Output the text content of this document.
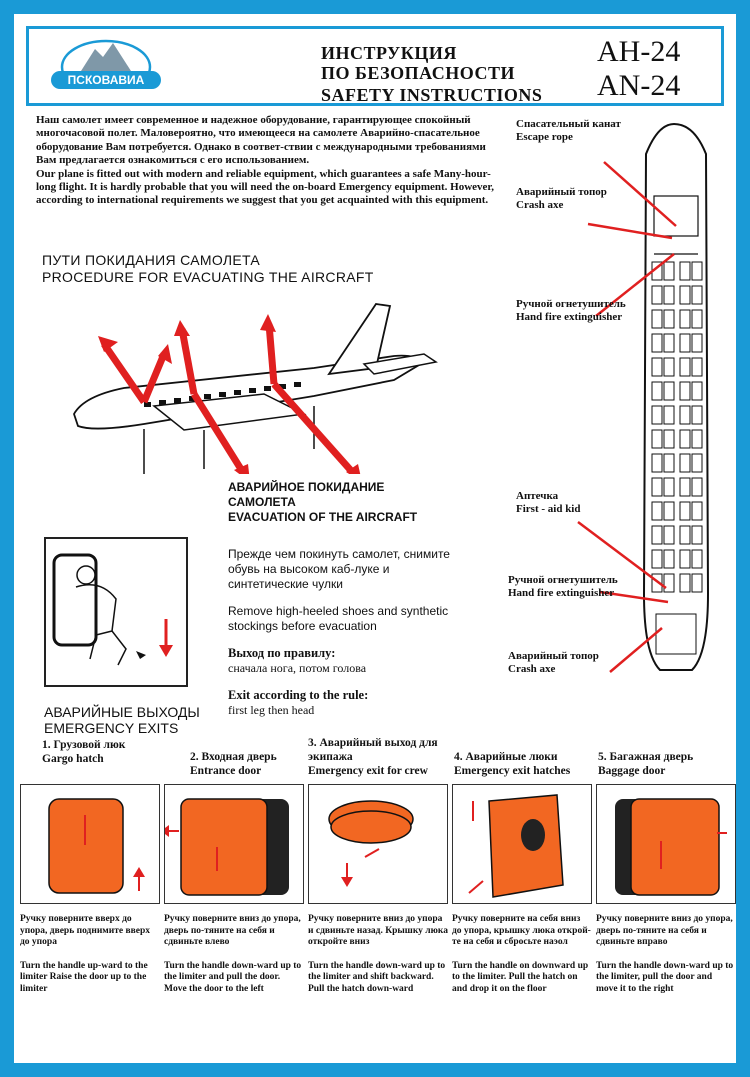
ПСКОВАВИА
ИНСТРУКЦИЯ
ПО БЕЗОПАСНОСТИ
SAFETY INSTRUCTIONS
АН-24
AN-24

Наш самолет имеет современное и надежное оборудование, гарантирующее спокойный многочасовой полет. Маловероятно, что имеющееся на самолете Аварийно-спасательное оборудование Вам потребуется. Однако в соответ-ствии с международными требованиями Вам предлагается ознакомиться с его использованием.

Our plane is fitted out with modern and reliable equipment, which guarantees a safe Many-hour-long flight. It is hardly probable that you will need the on-board Emergency equipment. However, according to international requirements we suggest that you get acquainted with this equipment.

ПУТИ ПОКИДАНИЯ САМОЛЕТА
PROCEDURE FOR EVACUATING THE AIRCRAFT
АВАРИЙНОЕ ПОКИДАНИЕ САМОЛЕТА
EVACUATION OF THE AIRCRAFT
Прежде чем покинуть самолет, снимите обувь на высоком каб-луке и синтетические чулки
Remove high-heeled shoes and synthetic stockings before evacuation
Выход по правилу:
сначала нога, потом голова
Exit according to the rule:
first leg then head
Спасательный канат
Escape rope
Аварийный топор
Crash axe
Ручной огнетушитель
Hand fire extinguisher
Аптечка
First - aid kid
Ручной огнетушитель
Hand fire extinguisher
Аварийный топор
Crash axe
АВАРИЙНЫЕ ВЫХОДЫ
EMERGENCY EXITS
1. Грузовой люк
Gargo hatch
Ручку поверните вверх до упора, дверь поднимите вверх до упора
Turn the handle up-ward to the limiter Raise the door up to the limiter
2. Входная дверь
Entrance door
Ручку поверните вниз до упора, дверь по-тяните на себя и сдвиньте влево
Turn the handle down-ward up to the limiter and pull the door. Move the door to the left
3. Аварийный выход для экипажа
Emergency exit for crew
Ручку поверните вниз до упора и сдвиньте назад. Крышку люка откройте вниз
Turn the handle down-ward up to the limiter and shift backward. Pull the hatch down-ward
4. Аварийные люки
Emergency exit hatches
Ручку поверните на себя вниз до упора, крышку люка открой-те на себя и сбросьте наэол
Turn the handle on downward up to the limiter. Pull the hatch on and drop it on the floor
5. Багажная дверь
Baggage door
Ручку поверните вниз до упора, дверь по-тяните на себя и сдвиньте вправо
Turn the handle down-ward up to the limiter, pull the door and move it to the right
